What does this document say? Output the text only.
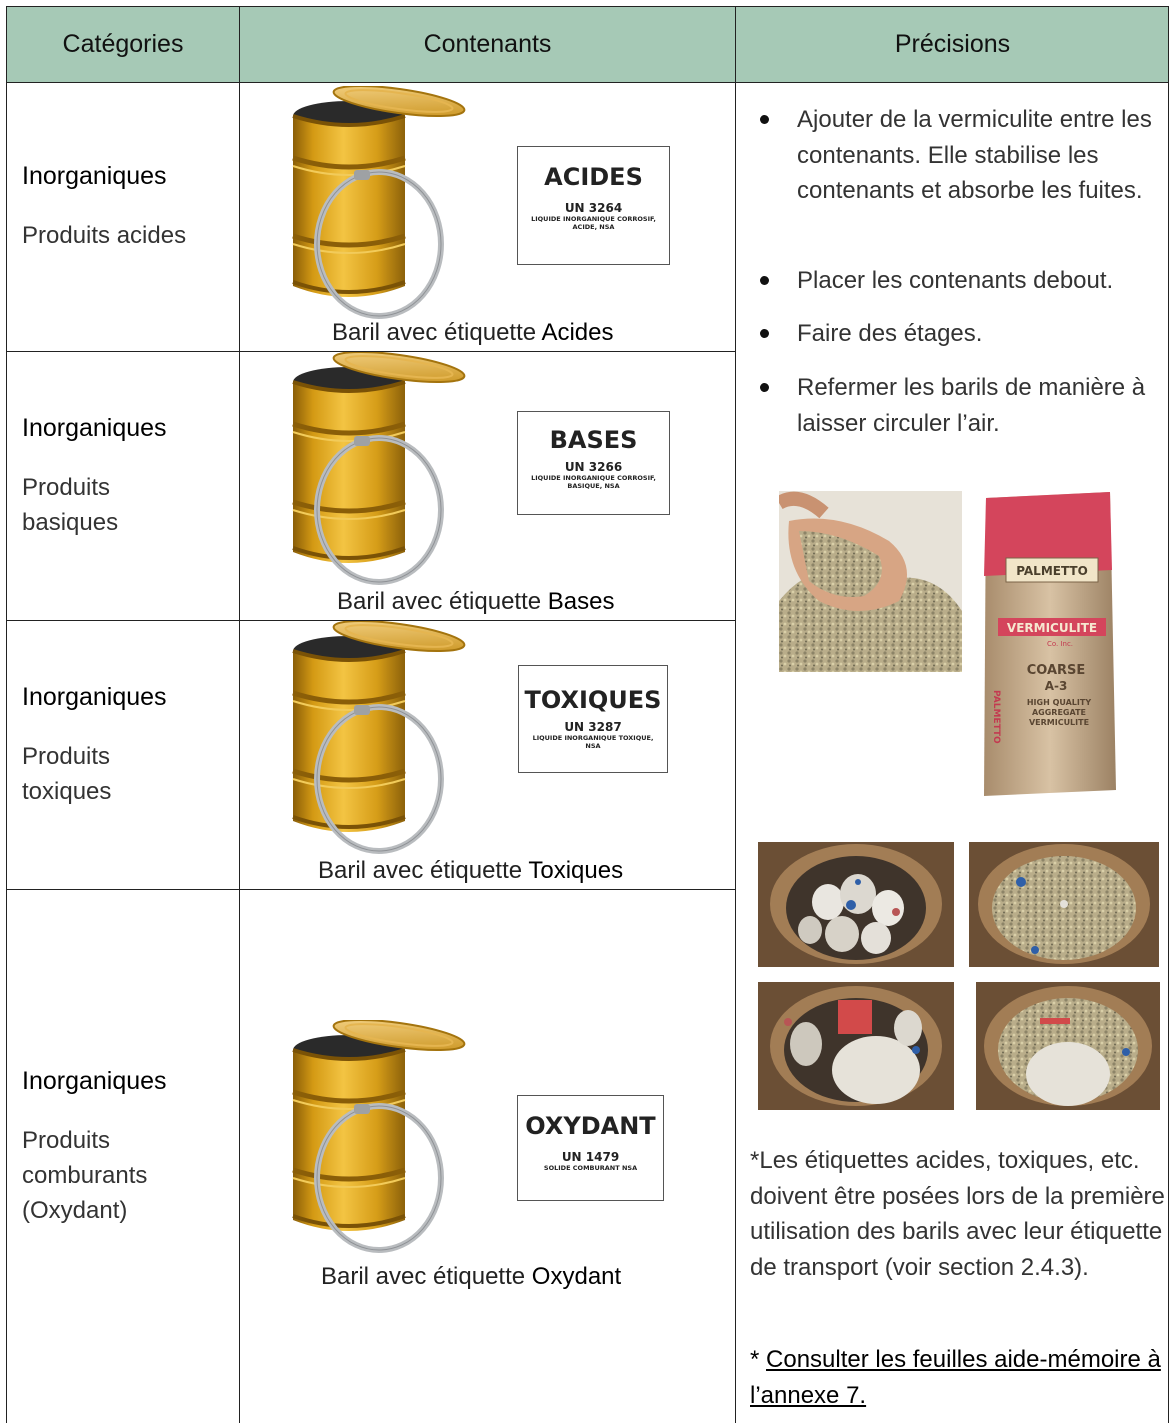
Catégories	Contenants	Précisions
Inorganiques
Produits acides
ACIDES
UN 3264
LIQUIDE INORGANIQUE CORROSIF, ACIDE, NSA
Baril avec étiquette Acides
Inorganiques
Produits basiques
BASES
UN 3266
LIQUIDE INORGANIQUE CORROSIF, BASIQUE, NSA
Baril avec étiquette Bases
Inorganiques
Produits toxiques
TOXIQUES
UN 3287
LIQUIDE INORGANIQUE TOXIQUE, NSA
Baril avec étiquette Toxiques
Inorganiques
Produits comburants (Oxydant)
OXYDANT
UN 1479
SOLIDE COMBURANT NSA
Baril avec étiquette Oxydant
Ajouter de la vermiculite entre les contenants. Elle stabilise les contenants et absorbe les fuites.
Placer les contenants debout.
Faire des étages.
Refermer les barils de manière à laisser circuler l’air.
PALMETTO
VERMICULITE
Co. Inc.
COARSE
A-3
HIGH QUALITY AGGREGATE VERMICULITE
PALMETTO
*Les étiquettes acides, toxiques, etc. doivent être posées lors de la première utilisation des barils avec leur étiquette de transport (voir section 2.4.3).
* Consulter les feuilles aide-mémoire à l’annexe 7.
